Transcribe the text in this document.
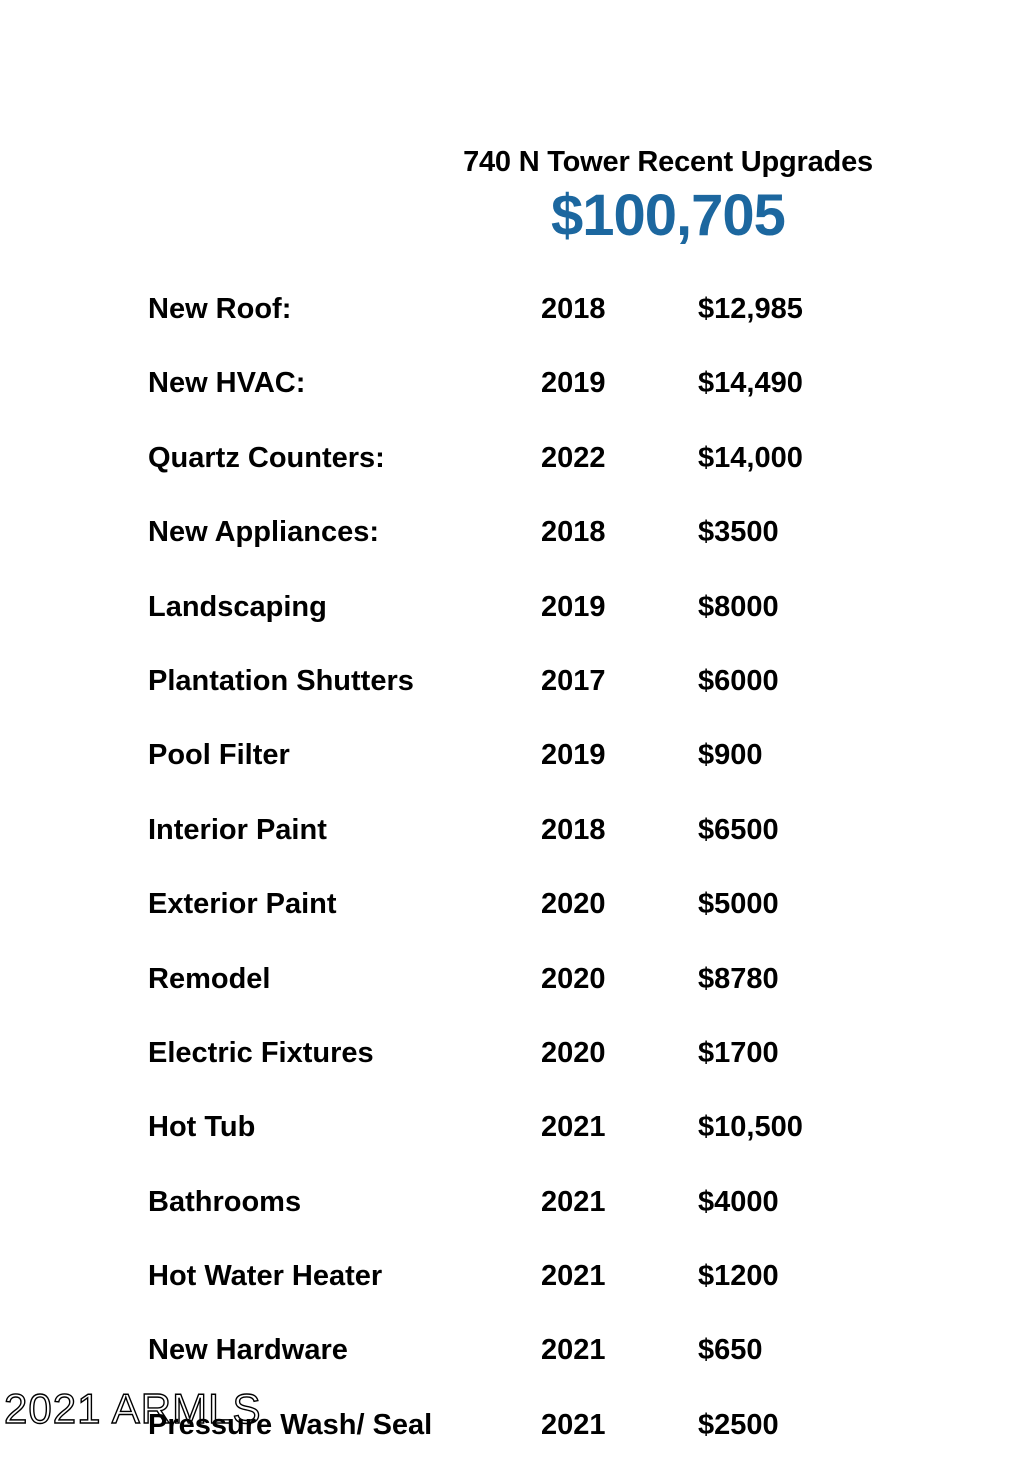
740 N Tower Recent Upgrades
$100,705
New Roof:	2018	$12,985
New HVAC:	2019	$14,490
Quartz Counters:	2022	$14,000
New Appliances:	2018	$3500
Landscaping	2019	$8000
Plantation Shutters	2017	$6000
Pool Filter	2019	$900
Interior Paint	2018	$6500
Exterior Paint	2020	$5000
Remodel	2020	$8780
Electric Fixtures	2020	$1700
Hot Tub	2021	$10,500
Bathrooms	2021	$4000
Hot Water Heater	2021	$1200
New Hardware	2021	$650
Pressure Wash/ Seal	2021	$2500
2021 ARMLS
